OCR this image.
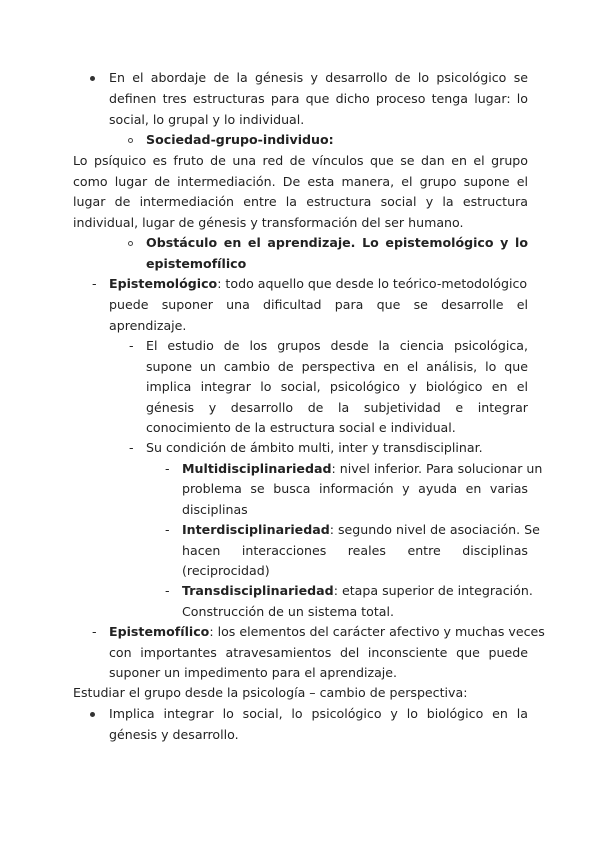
En el abordaje de la génesis y desarrollo de lo psicológico se
definen tres estructuras para que dicho proceso tenga lugar: lo
social, lo grupal y lo individual.
Sociedad-grupo-individuo:
Lo psíquico es fruto de una red de vínculos que se dan en el grupo
como lugar de intermediación. De esta manera, el grupo supone el
lugar de intermediación entre la estructura social y la estructura
individual, lugar de génesis y transformación del ser humano.
Obstáculo en el aprendizaje. Lo epistemológico y lo
epistemofílico
- Epistemológico: todo aquello que desde lo teórico-metodológico
puede suponer una dificultad para que se desarrolle el
aprendizaje.
- El estudio de los grupos desde la ciencia psicológica,
supone un cambio de perspectiva en el análisis, lo que
implica integrar lo social, psicológico y biológico en el
génesis y desarrollo de la subjetividad e integrar
conocimiento de la estructura social e individual.
- Su condición de ámbito multi, inter y transdisciplinar.
- Multidisciplinariedad: nivel inferior. Para solucionar un
problema se busca información y ayuda en varias
disciplinas
- Interdisciplinariedad: segundo nivel de asociación. Se
hacen interacciones reales entre disciplinas
(reciprocidad)
- Transdisciplinariedad: etapa superior de integración.
Construcción de un sistema total.
- Epistemofílico: los elementos del carácter afectivo y muchas veces
con importantes atravesamientos del inconsciente que puede
suponer un impedimento para el aprendizaje.
Estudiar el grupo desde la psicología – cambio de perspectiva:
Implica integrar lo social, lo psicológico y lo biológico en la
génesis y desarrollo.
